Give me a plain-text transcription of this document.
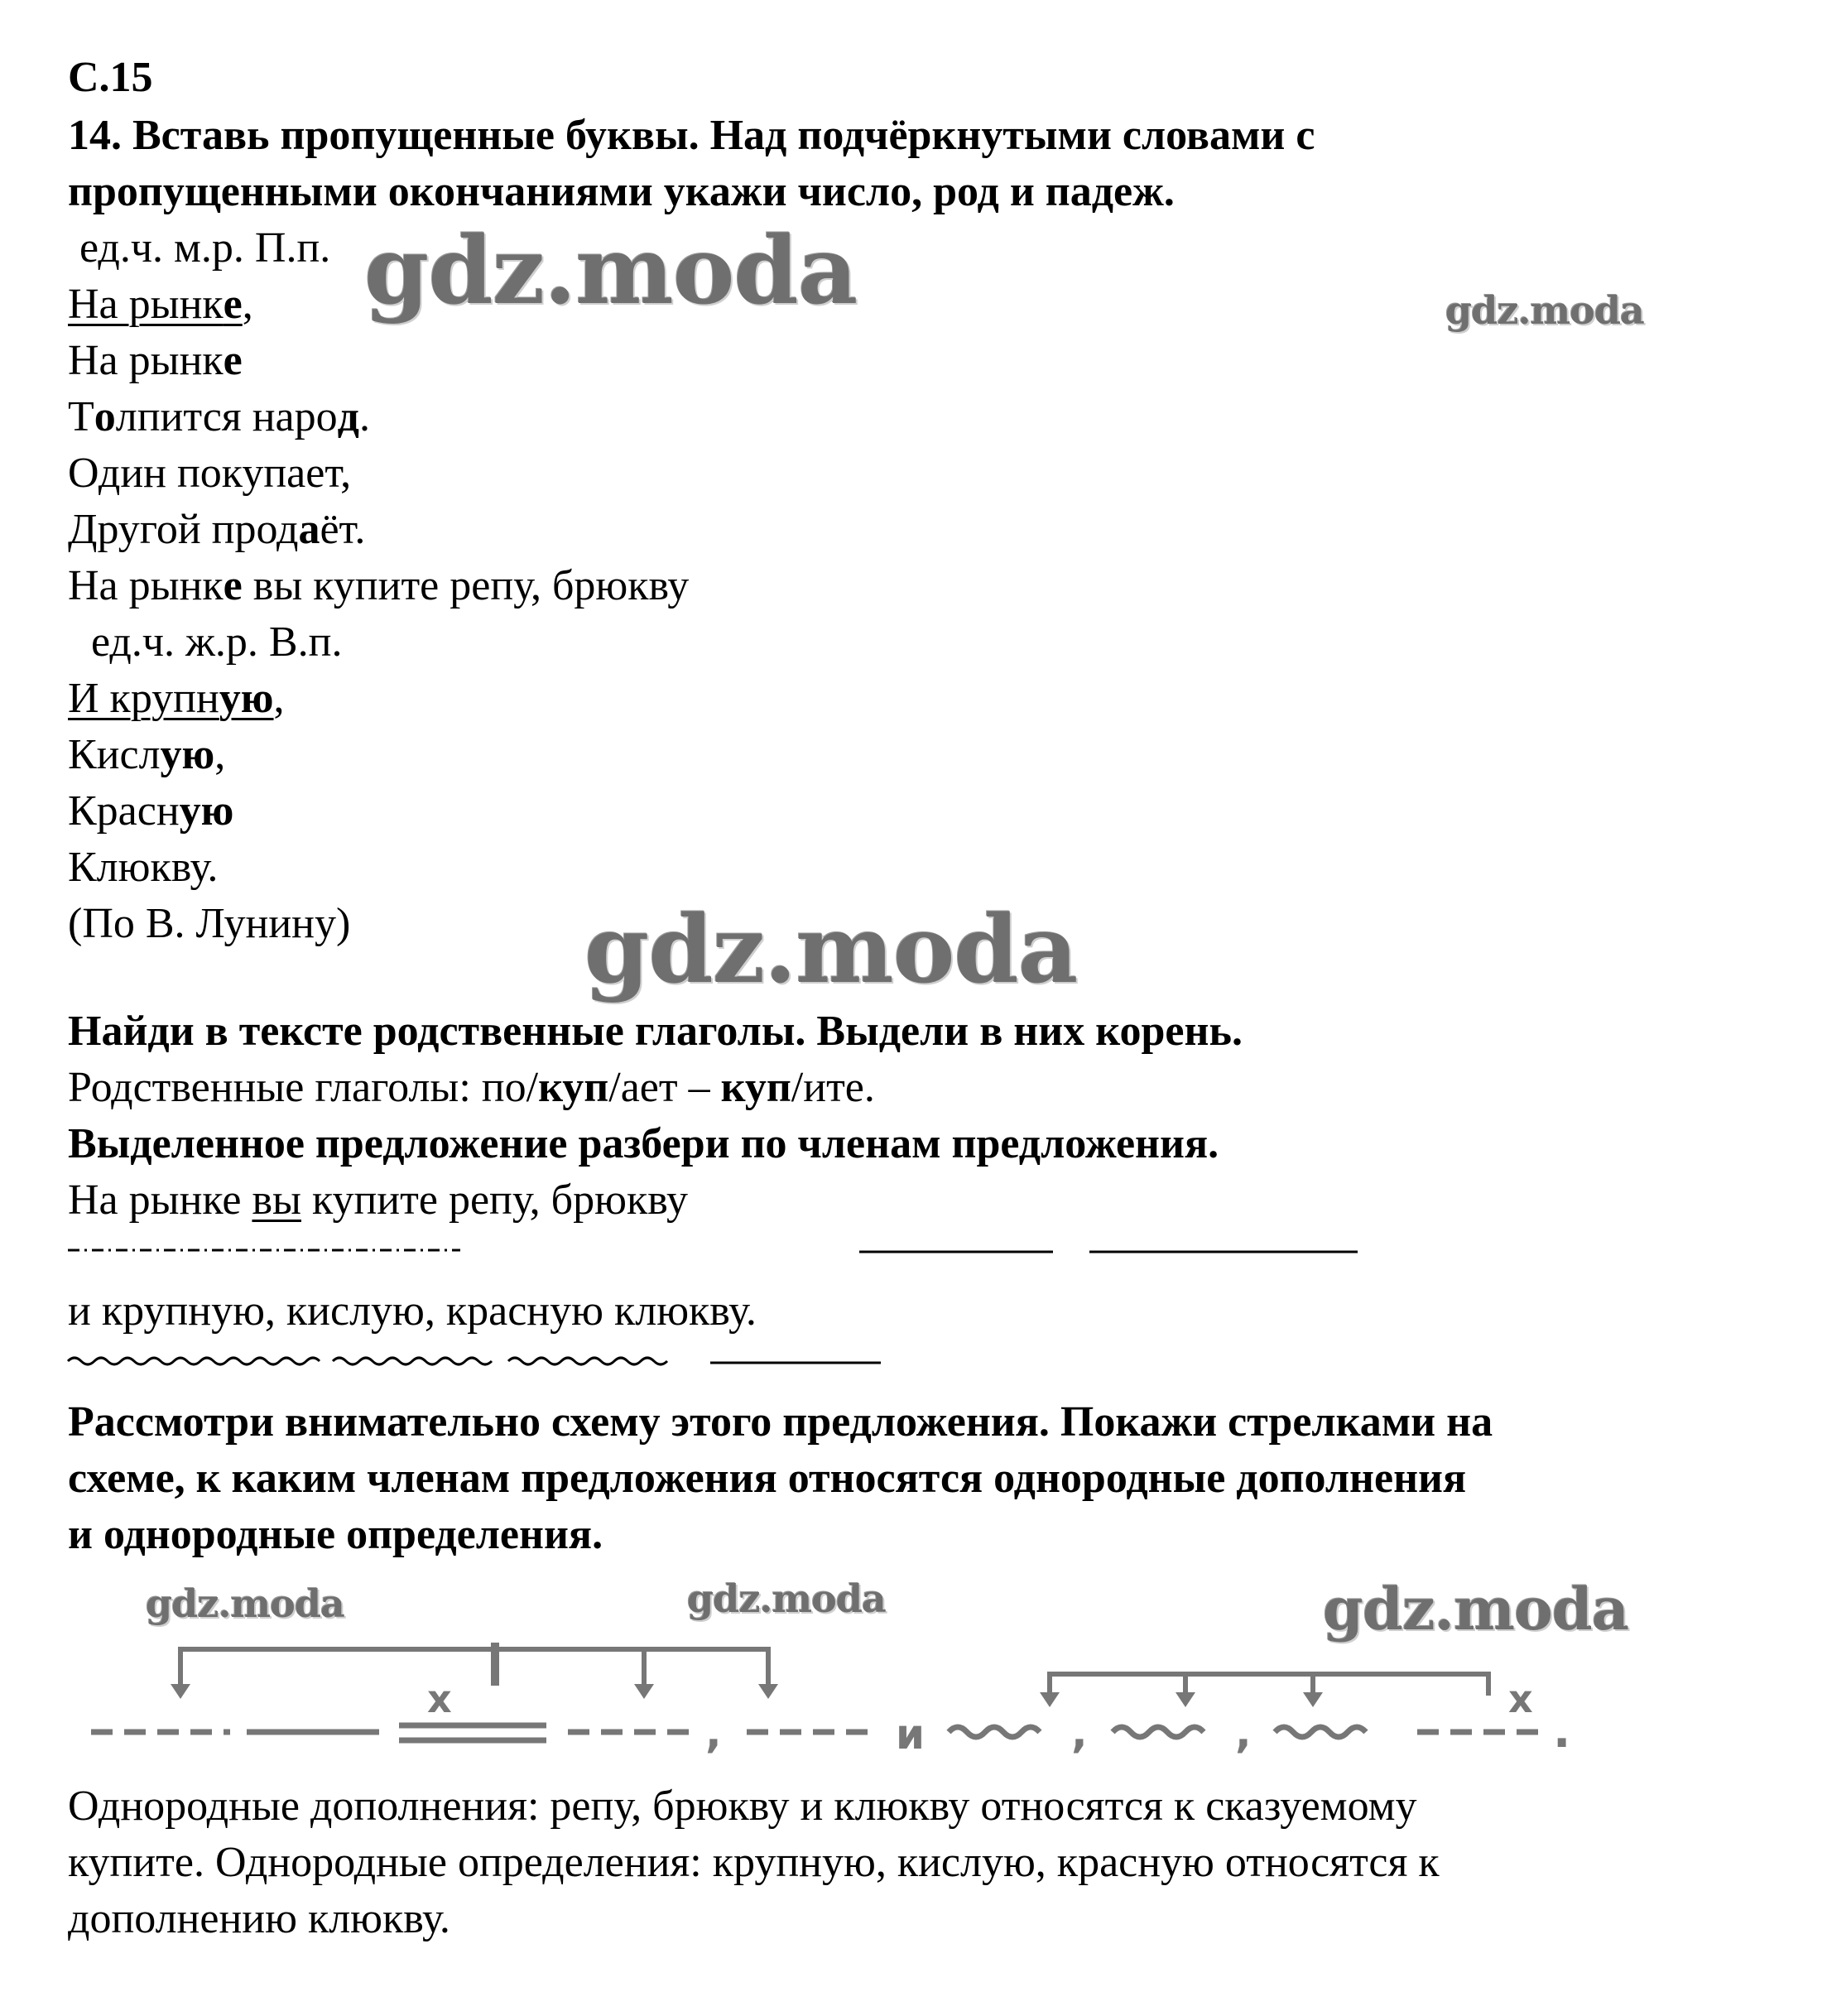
С.15

14. Вставь пропущенные буквы. Над подчёркнутыми словами с

пропущенными окончаниями укажи число, род и падеж.

ед.ч. м.р. П.п.

На рынке,

На рынке

Толпится народ.

Один покупает,

Другой продаёт.

На рынке вы купите репу, брюкву

ед.ч. ж.р. В.п.

И крупную,

Кислую,

Красную

Клюкву.

(По В. Лунину)

Найди в тексте родственные глаголы. Выдели в них корень.

Родственные глаголы: по/куп/ает – куп/ите.

Выделенное предложение разбери по членам предложения.

На рынке вы купите репу, брюкву

и крупную, кислую, красную клюкву.

Рассмотри внимательно схему этого предложения. Покажи стрелками на

схеме, к каким членам предложения относятся однородные дополнения

и однородные определения.

х	х
,	и	,	,	.

Однородные дополнения: репу, брюкву и клюкву относятся к сказуемому

купите. Однородные определения: крупную, кислую, красную относятся к

дополнению клюкву.

gdz.moda	gdz.moda
gdz.moda
gdz.moda	gdz.moda	gdz.moda
